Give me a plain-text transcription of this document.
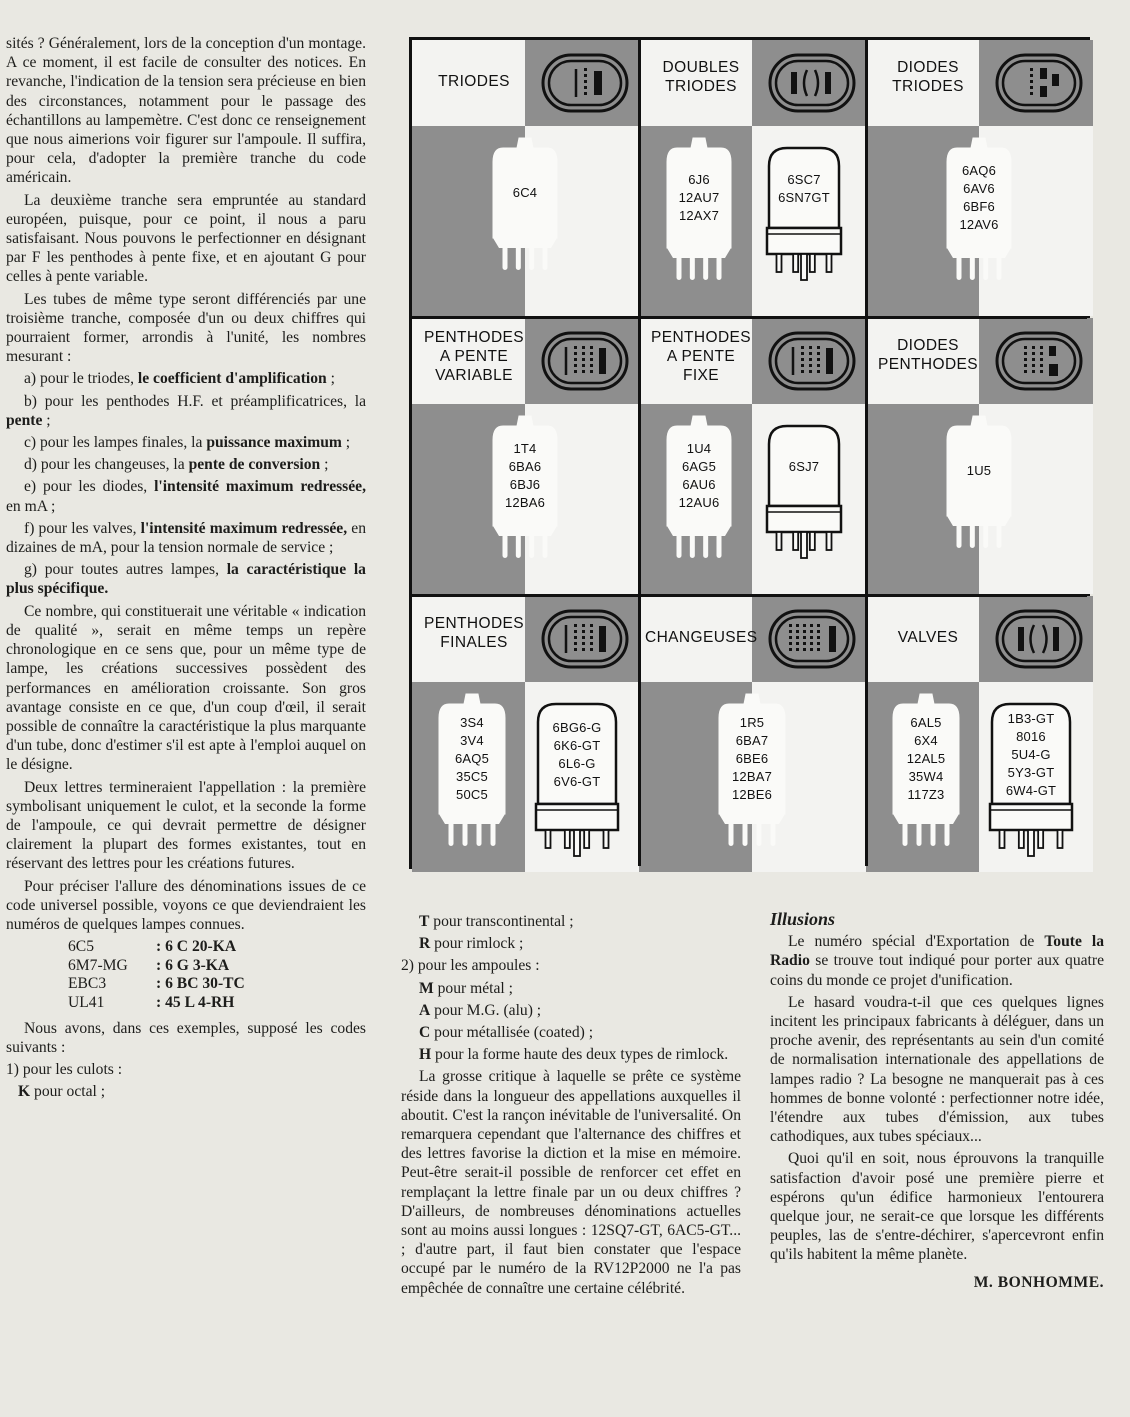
sités ? Généralement, lors de la conception d'un montage. A ce moment, il est facile de consulter des notices. En revanche, l'indication de la tension sera précieuse en bien des circonstances, notamment pour le passage des échantillons au lampemètre. C'est donc ce renseignement que nous aimerions voir figurer sur l'ampoule. Il suffira, pour cela, d'adopter la première tranche du code américain.

La deuxième tranche sera empruntée au standard européen, puisque, pour ce point, il nous a paru satisfaisant. Nous pouvons le perfectionner en désignant par F les penthodes à pente fixe, et en ajoutant G pour celles à pente variable.

Les tubes de même type seront différenciés par une troisième tranche, composée d'un ou deux chiffres qui pourraient former, arrondis à l'unité, les nombres mesurant :

a) pour le triodes, le coefficient d'amplification ;

b) pour les penthodes H.F. et préamplificatrices, la pente ;

c) pour les lampes finales, la puissance maximum ;

d) pour les changeuses, la pente de conversion ;

e) pour les diodes, l'intensité maximum redressée, en mA ;

f) pour les valves, l'intensité maximum redressée, en dizaines de mA, pour la tension normale de service ;

g) pour toutes autres lampes, la caractéristique la plus spécifique.

Ce nombre, qui constituerait une véritable « indication de qualité », serait en même temps un repère chronologique en ce sens que, pour un même type de lampe, les créations successives possèdent des performances en amélioration croissante. Son gros avantage consiste en ce que, d'un coup d'œil, il serait possible de connaître la caractéristique la plus marquante d'un tube, donc d'estimer s'il est apte à l'emploi auquel on le désigne.

Deux lettres termineraient l'appellation : la première symbolisant uniquement le culot, et la seconde la forme de l'ampoule, ce qui devrait permettre de désigner clairement la plupart des formes existantes, tout en réservant des lettres pour les créations futures.

Pour préciser l'allure des dénominations issues de ce code universel possible, voyons ce que deviendraient les numéros de quelques lampes connues.

6C5	: 6 C 20-KA
6M7-MG	: 6 G 3-KA
EBC3	: 6 BC 30-TC
UL41	: 45 L 4-RH

Nous avons, dans ces exemples, supposé les codes suivants :

1) pour les culots :

K pour octal ;

TRIODES
6C4
DOUBLES
TRIODES
6J6
12AU7
12AX7
6SC7
6SN7GT
DIODES
TRIODES
6AQ6
6AV6
6BF6
12AV6
PENTHODES
A PENTE
VARIABLE
1T4
6BA6
6BJ6
12BA6
PENTHODES
A PENTE
FIXE
1U4
6AG5
6AU6
12AU6
6SJ7
DIODES
PENTHODES
1U5
PENTHODES
FINALES
3S4
3V4
6AQ5
35C5
50C5
6BG6-G
6K6-GT
6L6-G
6V6-GT
CHANGEUSES
1R5
6BA7
6BE6
12BA7
12BE6
VALVES
6AL5
6X4
12AL5
35W4
117Z3
1B3-GT
8016
5U4-G
5Y3-GT
6W4-GT

T pour transcontinental ;

R pour rimlock ;

2) pour les ampoules :

M pour métal ;

A pour M.G. (alu) ;

C pour métallisée (coated) ;

H pour la forme haute des deux types de rimlock.

La grosse critique à laquelle se prête ce système réside dans la longueur des appellations auxquelles il aboutit. C'est la rançon inévitable de l'universalité. On remarquera cependant que l'alternance des chiffres et des lettres favorise la diction et la mise en mémoire. Peut-être serait-il possible de renforcer cet effet en remplaçant la lettre finale par un ou deux chiffres ? D'ailleurs, de nombreuses dénominations actuelles sont au moins aussi longues : 12SQ7-GT, 6AC5-GT... ; d'autre part, il faut bien constater que l'espace occupé par le numéro de la RV12P2000 ne l'a pas empêchée de connaître une certaine célébrité.

Illusions

Le numéro spécial d'Exportation de Toute la Radio se trouve tout indiqué pour porter aux quatre coins du monde ce projet d'unification.

Le hasard voudra-t-il que ces quelques lignes incitent les principaux fabricants à déléguer, dans un proche avenir, des représentants au sein d'un comité de normalisation internationale des appellations de lampes radio ? La besogne ne manquerait pas à ces hommes de bonne volonté : perfectionner notre idée, l'étendre aux tubes d'émission, aux tubes cathodiques, aux tubes spéciaux...

Quoi qu'il en soit, nous éprouvons la tranquille satisfaction d'avoir posé une première pierre et espérons qu'un édifice harmonieux l'entourera quelque jour, ne serait-ce que lorsque les différents peuples, las de s'entre-déchirer, s'apercevront enfin qu'ils habitent la même planète.

M. BONHOMME.
